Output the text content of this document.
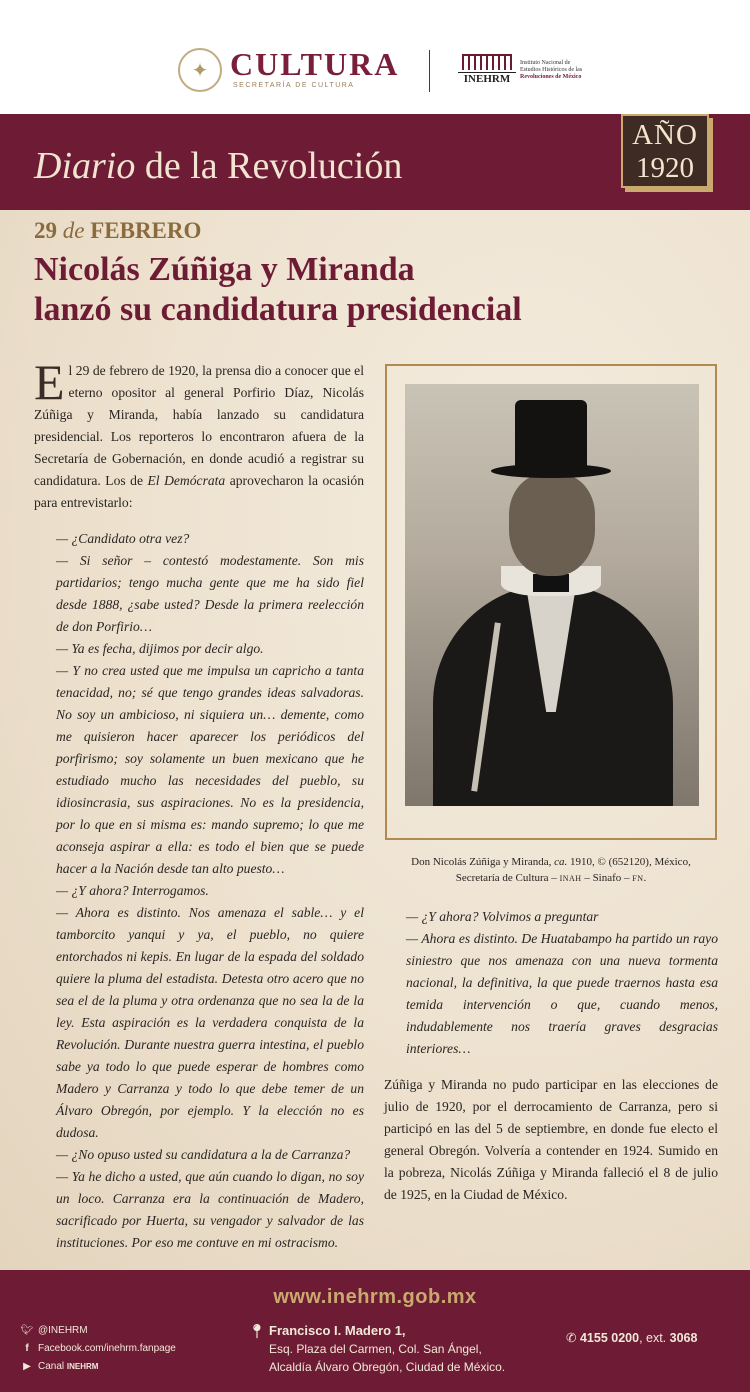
✦ CULTURA
SECRETARÍA DE CULTURA
INEHRM
Instituto Nacional de
Estudios Históricos de las
Revoluciones de México
Diario de la Revolución
AÑO
1920
29 de FEBRERO
Nicolás Zúñiga y Miranda
lanzó su candidatura presidencial

El 29 de febrero de 1920, la prensa dio a conocer que el eterno opositor al general Porfirio Díaz, Nicolás Zúñiga y Miranda, había lanzado su candidatura presidencial. Los reporteros lo encontraron afuera de la Secretaría de Gobernación, en donde acudió a registrar su candidatura. Los de El Demócrata aprovecharon la ocasión para entrevistarlo:

— ¿Candidato otra vez?

— Si señor – contestó modestamente. Son mis partidarios; tengo mucha gente que me ha sido fiel desde 1888, ¿sabe usted? Desde la primera reelección de don Porfirio…

— Ya es fecha, dijimos por decir algo.

— Y no crea usted que me impulsa un capricho a tanta tenacidad, no; sé que tengo grandes ideas salvadoras. No soy un ambicioso, ni siquiera un… demente, como me quisieron hacer aparecer los periódicos del porfirismo; soy solamente un buen mexicano que he estudiado mucho las necesidades del pueblo, su idiosincrasia, sus aspiraciones. No es la presidencia, por lo que en si misma es: mando supremo; lo que me aconseja aspirar a ella: es todo el bien que se puede hacer a la Nación desde tan alto puesto…

— ¿Y ahora? Interrogamos.

— Ahora es distinto. Nos amenaza el sable… y el tamborcito yanqui y ya, el pueblo, no quiere entorchados ni kepis. En lugar de la espada del soldado quiere la pluma del estadista. Detesta otro acero que no sea el de la pluma y otra ordenanza que no sea la de la ley. Esta aspiración es la verdadera conquista de la Revolución. Durante nuestra guerra intestina, el pueblo sabe ya todo lo que puede esperar de hombres como Madero y Carranza y todo lo que debe temer de un Álvaro Obregón, por ejemplo. Y la elección no es dudosa.

— ¿No opuso usted su candidatura a la de Carranza?

— Ya he dicho a usted, que aún cuando lo digan, no soy un loco. Carranza era la continuación de Madero, sacrificado por Huerta, su vengador y salvador de las instituciones. Por eso me contuve en mi ostracismo.

Don Nicolás Zúñiga y Miranda, ca. 1910, © (652120), México,
Secretaría de Cultura – INAH – Sinafo – FN.
— ¿Y ahora? Volvimos a preguntar
— Ahora es distinto. De Huatabampo ha partido un rayo siniestro que nos amenaza con una nueva tormenta nacional, la definitiva, la que puede traernos hasta esa temida intervención o que, cuando menos, indudablemente nos traería graves desgracias interiores…
Zúñiga y Miranda no pudo participar en las elecciones de julio de 1920, por el derrocamiento de Carranza, pero si participó en las del 5 de septiembre, en donde fue electo el general Obregón. Volvería a contender en 1924. Sumido en la pobreza, Nicolás Zúñiga y Miranda falleció el 8 de julio de 1925, en la Ciudad de México.
www.inehrm.gob.mx
🐦︎ @INEHRM
f Facebook.com/inehrm.fanpage
▶ Canal INEHRM
📍︎ Francisco I. Madero 1,
Esq. Plaza del Carmen, Col. San Ángel,
Alcaldía Álvaro Obregón, Ciudad de México.
✆ 4155 0200, ext. 3068
